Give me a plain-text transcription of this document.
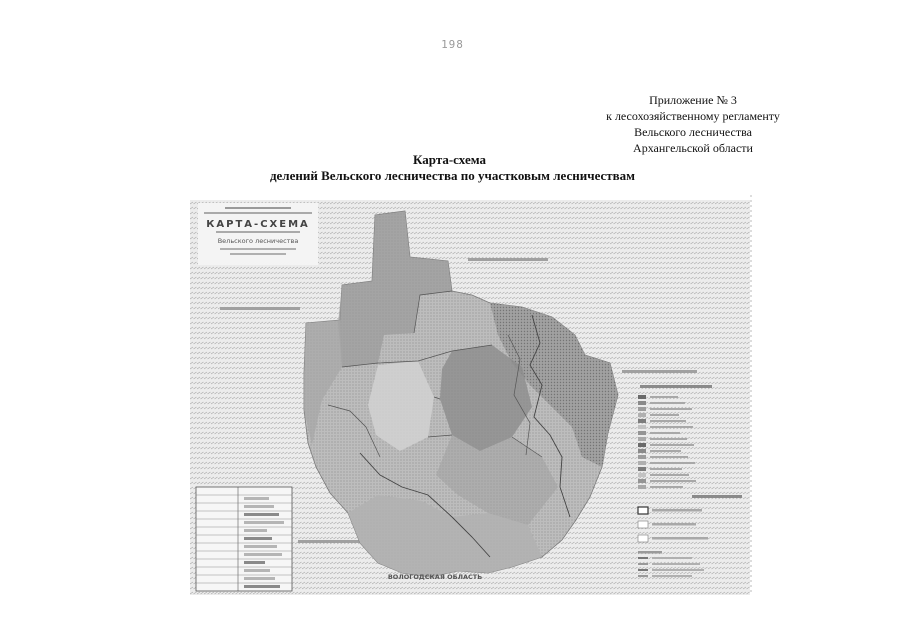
198
Приложение № 3
к лесохозяйственному регламенту
Вельского лесничества
Архангельской области
Карта-схема
делений Вельского лесничества по участковым лесничествам
КАРТА-СХЕМА
Вельского лесничества
ВОЛОГОДСКАЯ ОБЛАСТЬ
